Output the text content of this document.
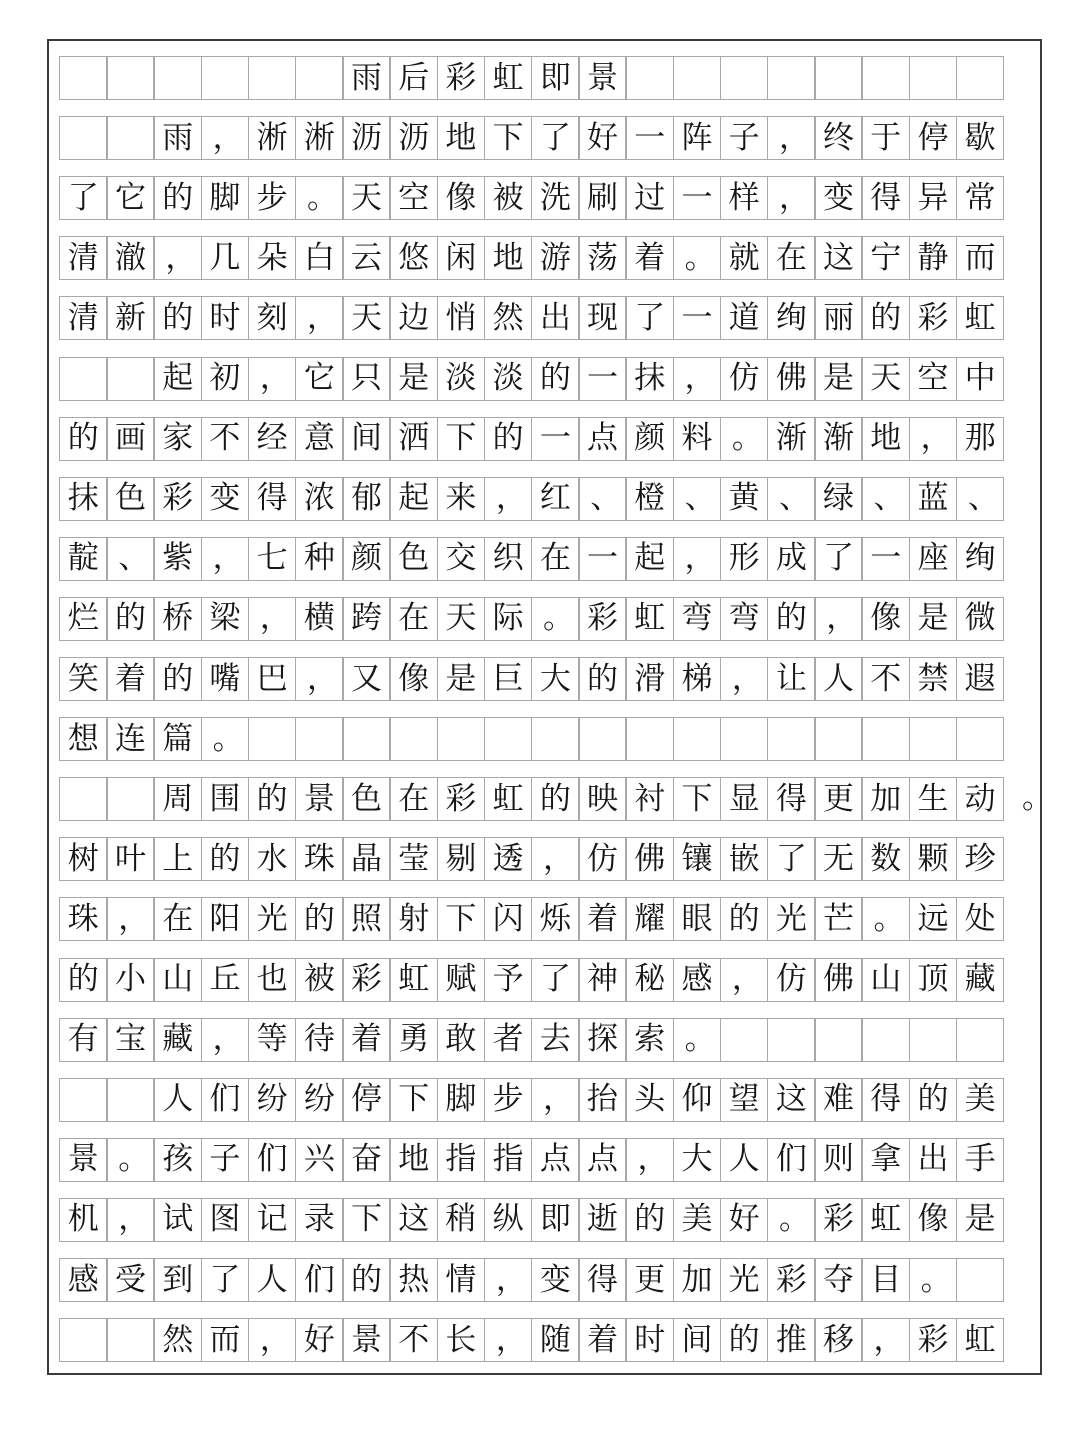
雨 后 彩 虹 即 景
雨 ， 淅 淅 沥 沥 地 下 了 好 一 阵 子 ， 终 于 停 歇
了 它 的 脚 步 。 天 空 像 被 洗 刷 过 一 样 ， 变 得 异 常
清 澈 ， 几 朵 白 云 悠 闲 地 游 荡 着 。 就 在 这 宁 静 而
清 新 的 时 刻 ， 天 边 悄 然 出 现 了 一 道 绚 丽 的 彩 虹
起 初 ， 它 只 是 淡 淡 的 一 抹 ， 仿 佛 是 天 空 中
的 画 家 不 经 意 间 洒 下 的 一 点 颜 料 。 渐 渐 地 ， 那
抹 色 彩 变 得 浓 郁 起 来 ， 红 、 橙 、 黄 、 绿 、 蓝 、
靛 、 紫 ， 七 种 颜 色 交 织 在 一 起 ， 形 成 了 一 座 绚
烂 的 桥 梁 ， 横 跨 在 天 际 。 彩 虹 弯 弯 的 ， 像 是 微
笑 着 的 嘴 巴 ， 又 像 是 巨 大 的 滑 梯 ， 让 人 不 禁 遐
想 连 篇 。
周 围 的 景 色 在 彩 虹 的 映 衬 下 显 得 更 加 生 动
树 叶 上 的 水 珠 晶 莹 剔 透 ， 仿 佛 镶 嵌 了 无 数 颗 珍
珠 ， 在 阳 光 的 照 射 下 闪 烁 着 耀 眼 的 光 芒 。 远 处
的 小 山 丘 也 被 彩 虹 赋 予 了 神 秘 感 ， 仿 佛 山 顶 藏
有 宝 藏 ， 等 待 着 勇 敢 者 去 探 索 。
人 们 纷 纷 停 下 脚 步 ， 抬 头 仰 望 这 难 得 的 美
景 。 孩 子 们 兴 奋 地 指 指 点 点 ， 大 人 们 则 拿 出 手
机 ， 试 图 记 录 下 这 稍 纵 即 逝 的 美 好 。 彩 虹 像 是
感 受 到 了 人 们 的 热 情 ， 变 得 更 加 光 彩 夺 目 。
然 而 ， 好 景 不 长 ， 随 着 时 间 的 推 移 ， 彩 虹
。
